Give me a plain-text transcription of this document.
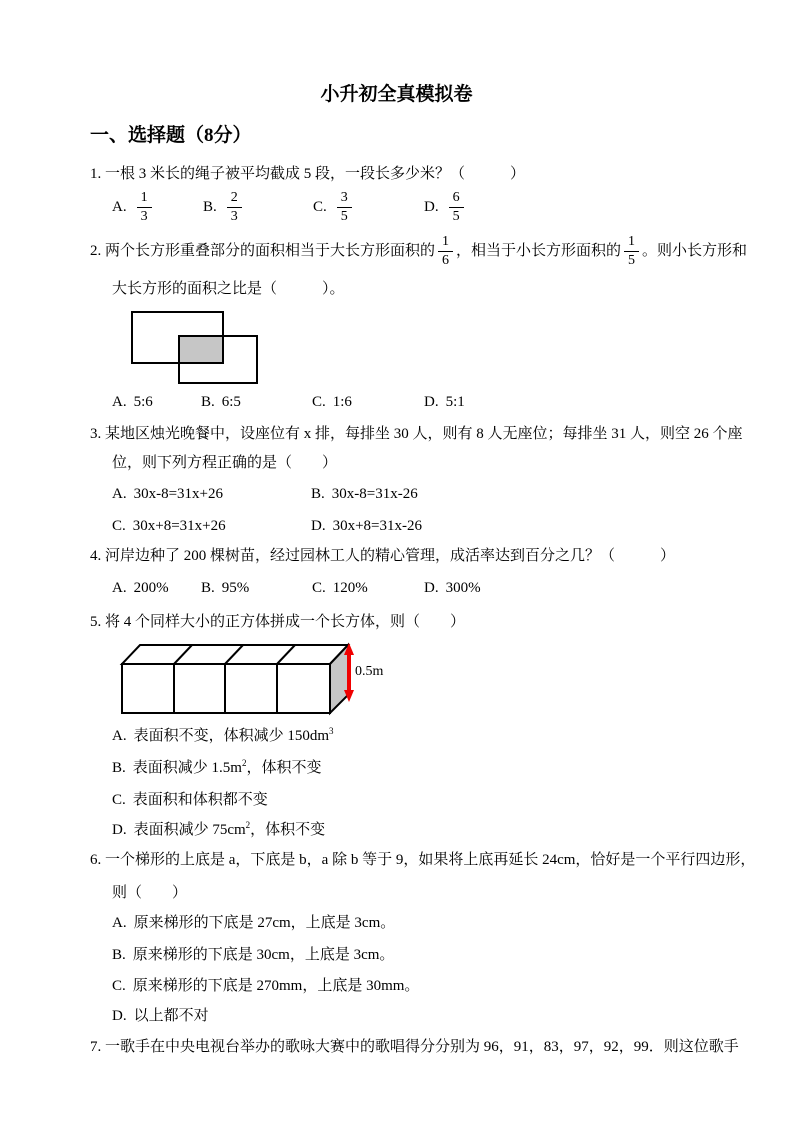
小升初全真模拟卷
一、选择题（8分）
1. 一根 3 米长的绳子被平均截成 5 段，一段长多少米？（　　　）
A. $\frac{1}{3}$	B. $\frac{2}{3}$	C. $\frac{3}{5}$	D. $\frac{6}{5}$
2. 两个长方形重叠部分的面积相当于大长方形面积的 $\frac{1}{6}$ ，相当于小长方形面积的 $\frac{1}{5}$ 。则小长方形和
大长方形的面积之比是（　　　）。
A. 5:6	B. 6:5	C. 1:6	D. 5:1
3. 某地区烛光晚餐中，设座位有 x 排，每排坐 30 人，则有 8 人无座位；每排坐 31 人，则空 26 个座
位，则下列方程正确的是（　　）
A. 30x-8=31x+26	B. 30x-8=31x-26
C. 30x+8=31x+26	D. 30x+8=31x-26
4. 河岸边种了 200 棵树苗，经过园林工人的精心管理，成活率达到百分之几？（　　　）
A. 200% B. 95%	C. 120%	D. 300%
5. 将 4 个同样大小的正方体拼成一个长方体，则（　　）
0.5m
A. 表面积不变，体积减少 $150dm^3$
B. 表面积减少 $1.5m^2$，体积不变
C. 表面积和体积都不变
D. 表面积减少 $75cm^2$，体积不变
6. 一个梯形的上底是 a，下底是 b，a 除 b 等于 9，如果将上底再延长 24cm，恰好是一个平行四边形，
则（　　）
A. 原来梯形的下底是 27cm，上底是 3cm。
B. 原来梯形的下底是 30cm，上底是 3cm。
C. 原来梯形的下底是 270mm，上底是 30mm。
D. 以上都不对
7. 一歌手在中央电视台举办的歌咏大赛中的歌唱得分分别为 96，91，83，97，92，99．则这位歌手
